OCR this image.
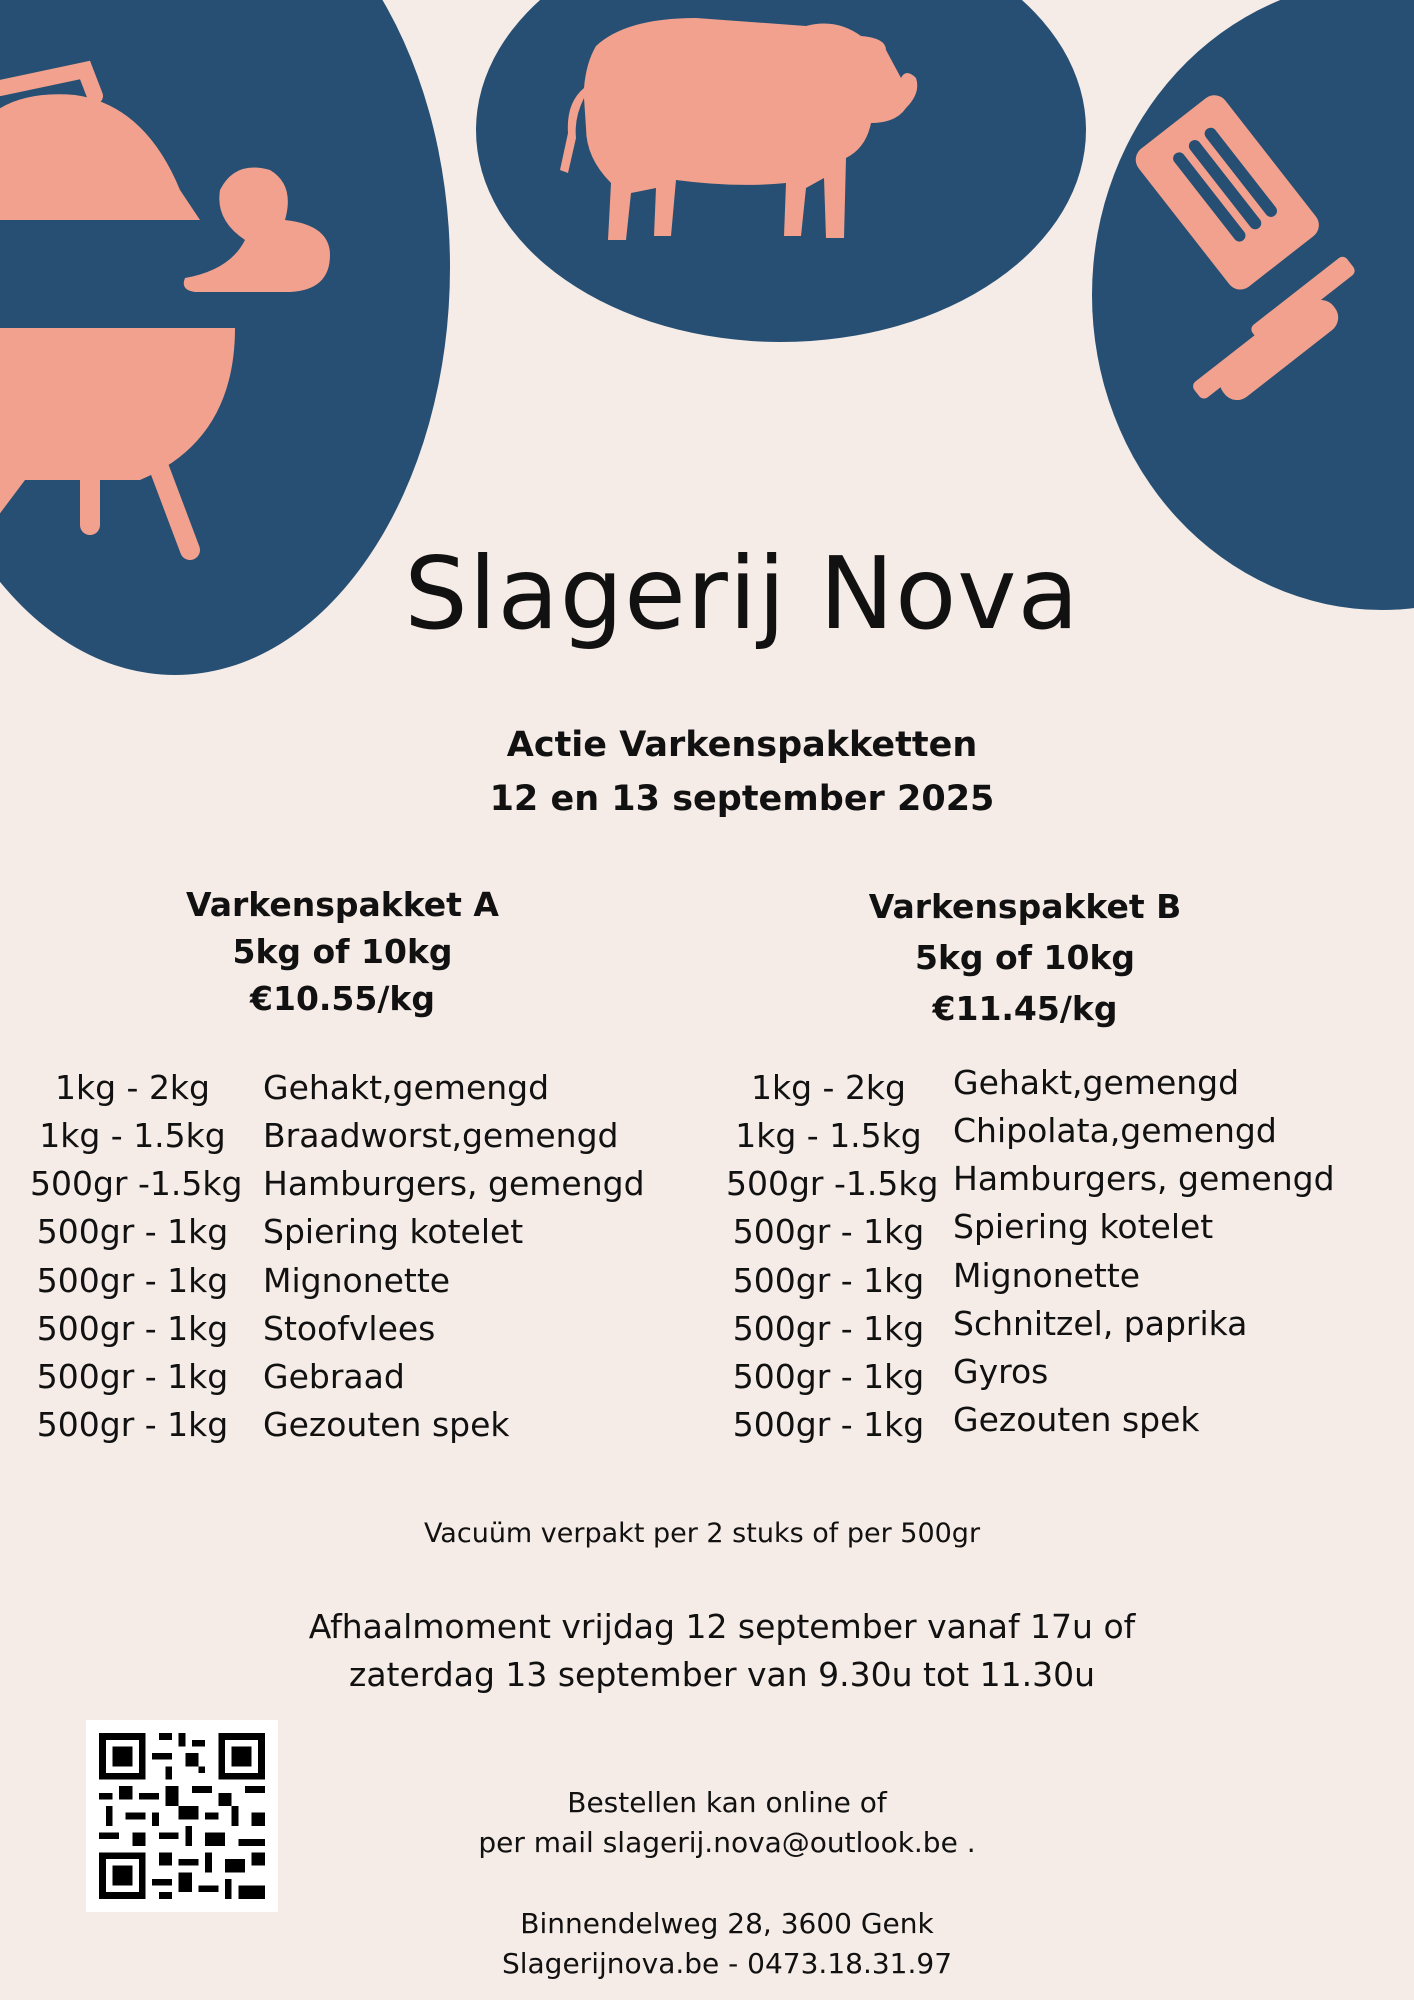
Slagerij Nova
Actie Varkenspakketten
12 en 13 september 2025
Varkenspakket A
5kg of 10kg
€10.55/kg
Varkenspakket B
5kg of 10kg
€11.45/kg
1kg - 2kg	Gehakt,gemengd
1kg - 1.5kg Braadworst,gemengd
500gr -1.5kg Hamburgers, gemengd
500gr - 1kg Spiering kotelet
500gr - 1kg Mignonette
500gr - 1kg Stoofvlees
500gr - 1kg Gebraad
500gr - 1kg Gezouten spek
1kg - 2kg	Gehakt,gemengd
1kg - 1.5kg Chipolata,gemengd
500gr -1.5kg Hamburgers, gemengd
500gr - 1kg Spiering kotelet
500gr - 1kg Mignonette
500gr - 1kg Schnitzel, paprika
500gr - 1kg Gyros
500gr - 1kg Gezouten spek
Vacuüm verpakt per 2 stuks of per 500gr
Afhaalmoment vrijdag 12 september vanaf 17u of
zaterdag 13 september van 9.30u tot 11.30u
Bestellen kan online of
per mail slagerij.nova@outlook.be .
Binnendelweg 28, 3600 Genk
Slagerijnova.be - 0473.18.31.97
